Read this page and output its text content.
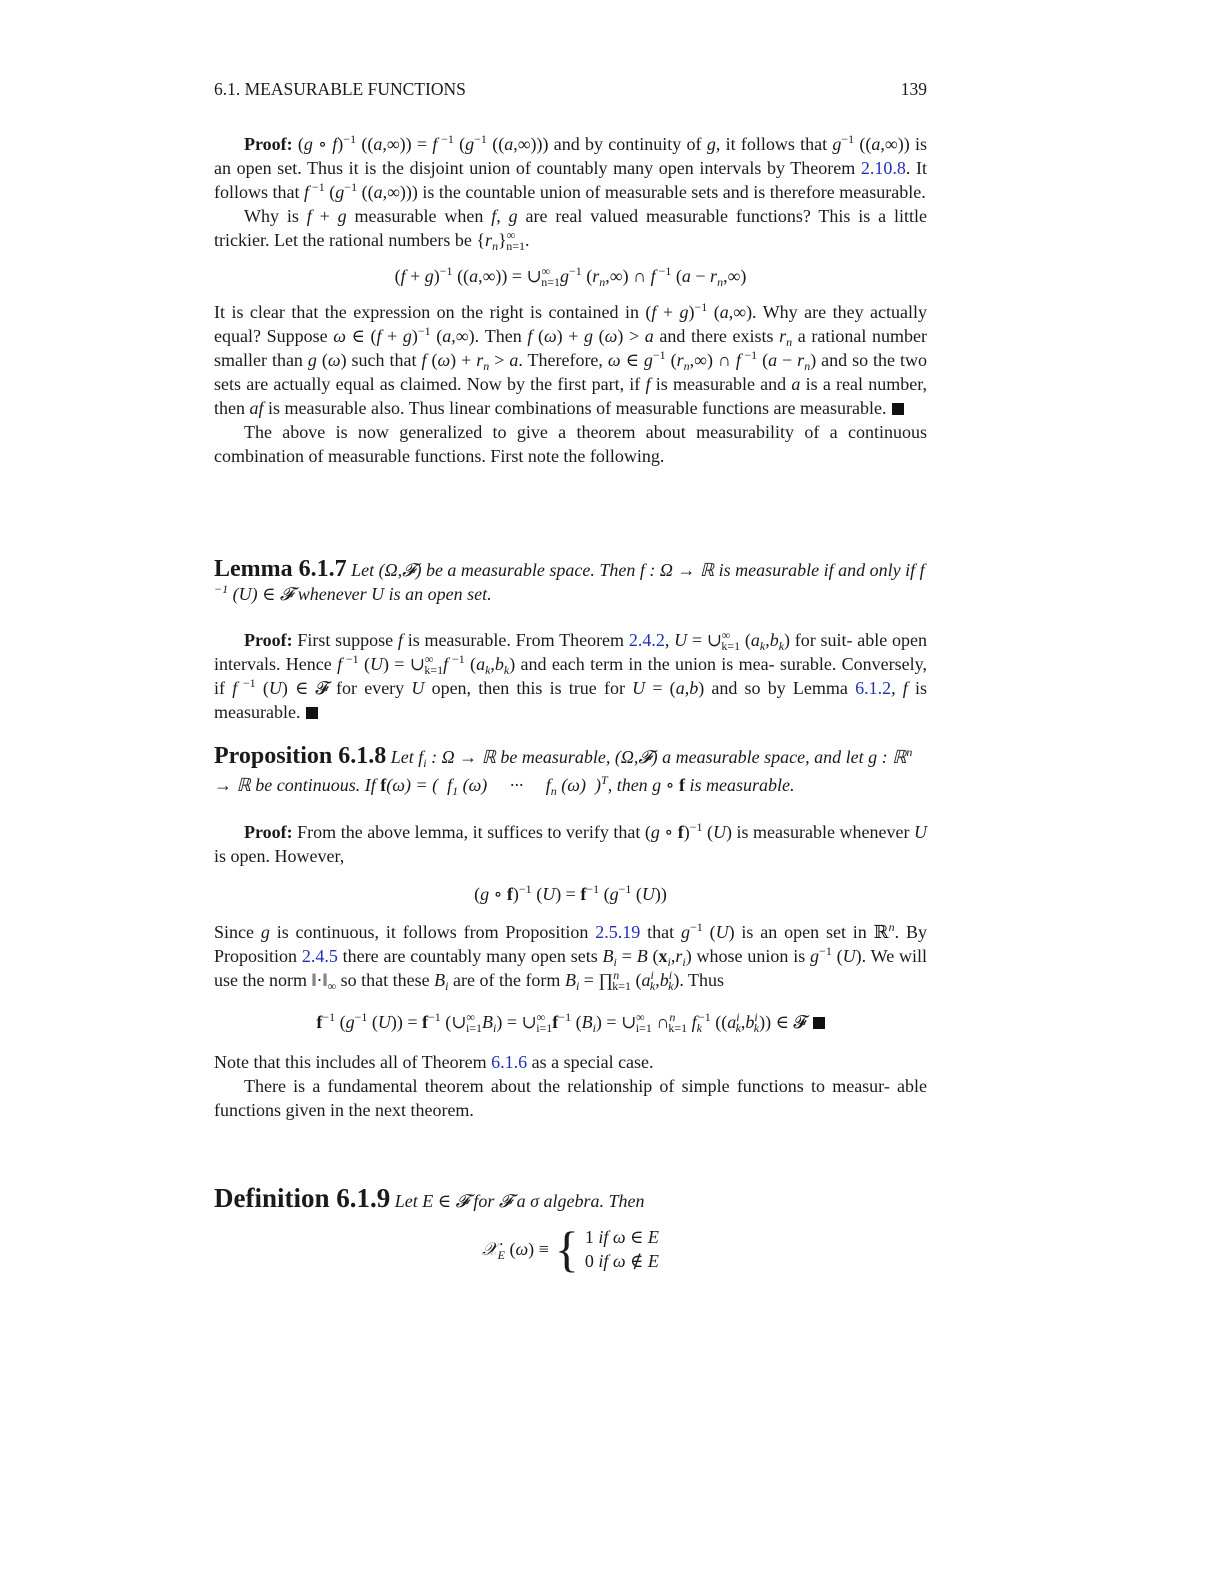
6.1. MEASURABLE FUNCTIONS	139

Proof: (g ∘ f)$^{-1}$ ((a,∞)) = f $^{-1}$ ($g^{-1}$ ((a,∞))) and by continuity of g, it follows that $g^{-1}$ ((a,∞)) is an open set. Thus it is the disjoint union of countably many open intervals by Theorem 2.10.8. It follows that f $^{-1}$ ($g^{-1}$ ((a,∞))) is the countable union of measurable sets and is therefore measurable.

Why is f + g measurable when f, g are real valued measurable functions? This is a little trickier. Let the rational numbers be $\{r_n\}^\infty_{n=1}$.

$(f + g)^{-1}$ $((a,\infty)) = \cup^\infty_{n=1}g^{-1}$ $(r_n,\infty)$ ∩ f $^{-1}$ $(a - r_n,\infty)$

It is clear that the expression on the right is contained in $(f + g)^{-1}$ (a,∞). Why are they actually equal? Suppose ω ∈ $(f + g)^{-1}$ (a,∞). Then f (ω) + g (ω) > a and there exists $r_n$ a rational number smaller than g (ω) such that f $(\omega) + r_n > a$. Therefore, ω ∈ $g^{-1}$ $(r_n,\infty)$ ∩ f $^{-1}$ $(a - r_n)$ and so the two sets are actually equal as claimed. Now by the first part, if f is measurable and a is a real number, then af is measurable also. Thus linear combinations of measurable functions are measurable.

The above is now generalized to give a theorem about measurability of a continuous combination of measurable functions. First note the following.

Lemma 6.1.7 Let (Ω,𝓕) be a measurable space. Then f : Ω → ℝ is measurable if and only if f $^{-1}$ (U) ∈ 𝓕 whenever U is an open set.

Proof: First suppose f is measurable. From Theorem 2.4.2, $U = \cup^\infty_{k=1}$ $(a_k,b_k)$ for suit- able open intervals. Hence f $^{-1}$ $(U) = \cup^\infty_{k=1}f$ $^{-1}$ $(a_k,b_k)$ and each term in the union is mea- surable. Conversely, if f $^{-1}$ (U) ∈ 𝓕 for every U open, then this is true for U = (a,b) and so by Lemma 6.1.2, f is measurable.

Proposition 6.1.8 Let $f_i$ : Ω → ℝ be measurable, (Ω,𝓕) a measurable space, and let g : ℝ$^n$ → ℝ be continuous. If f(ω) = (  $f_1$ (ω)     ···     $f_n$ (ω)  )$^T$, then g ∘ f is measurable.

Proof: From the above lemma, it suffices to verify that (g ∘ f)$^{-1}$ (U) is measurable whenever U is open. However,

(g ∘ f)$^{-1}$ $(U) = f^{-1}$ ($g^{-1}$ (U))

Since g is continuous, it follows from Proposition 2.5.19 that $g^{-1}$ (U) is an open set in ℝ$^n$. By Proposition 2.4.5 there are countably many open sets $B_i = B$ $(x_i,r_i)$ whose union is $g^{-1}$ (U). We will use the norm $‖\cdot‖_\infty$ so that these $B_i$ are of the form $B_i$ = ∏$^n_{k=1}$ $(a^i_k,b^i_k)$. Thus

$f^{-1}$ ($g^{-1}$ $(U)) = f^{-1}$ $(\cup^\infty_{i=1}B_i)$ = $\cup^\infty_{i=1}f^{-1}$ $(B_i)$ = $\cup^\infty_{i=1}$ ∩$^n_{k=1}$ $f_k^{-1}$ $((a^i_k,b^i_k))$ ∈ 𝓕

Note that this includes all of Theorem 6.1.6 as a special case.

There is a fundamental theorem about the relationship of simple functions to measur- able functions given in the next theorem.

Definition 6.1.9 Let E ∈ 𝓕 for 𝓕 a σ algebra. Then

𝒳$_E$ (ω) ≡ { 1 if ω ∈ E
0 if ω ∉ E
